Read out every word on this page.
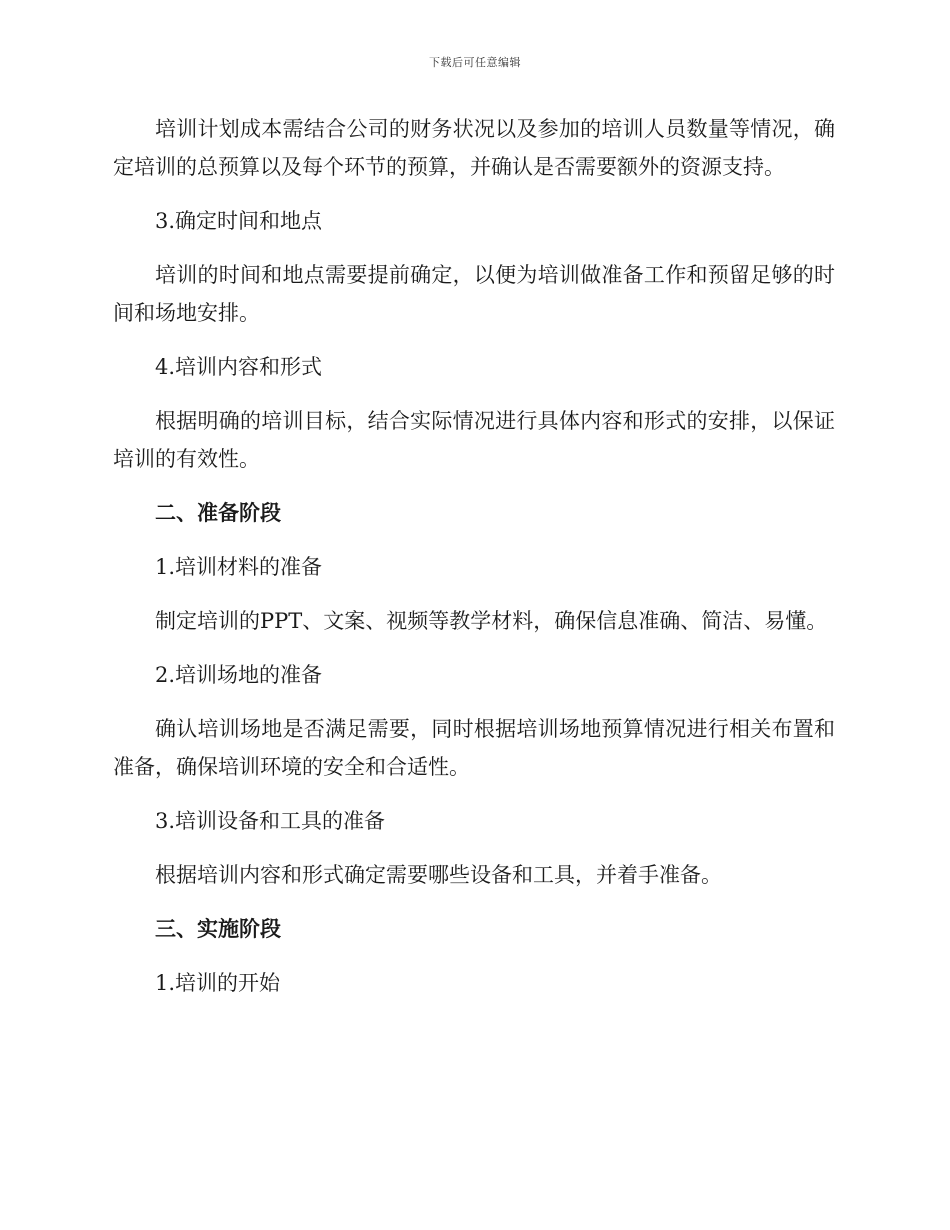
下载后可任意编辑

培训计划成本需结合公司的财务状况以及参加的培训人员数量等情况，确定培训的总预算以及每个环节的预算，并确认是否需要额外的资源支持。

3.确定时间和地点

培训的时间和地点需要提前确定，以便为培训做准备工作和预留足够的时间和场地安排。

4.培训内容和形式

根据明确的培训目标，结合实际情况进行具体内容和形式的安排，以保证培训的有效性。

二、准备阶段

1.培训材料的准备

制定培训的PPT、文案、视频等教学材料，确保信息准确、简洁、易懂。

2.培训场地的准备

确认培训场地是否满足需要，同时根据培训场地预算情况进行相关布置和准备，确保培训环境的安全和合适性。

3.培训设备和工具的准备

根据培训内容和形式确定需要哪些设备和工具，并着手准备。

三、实施阶段

1.培训的开始
